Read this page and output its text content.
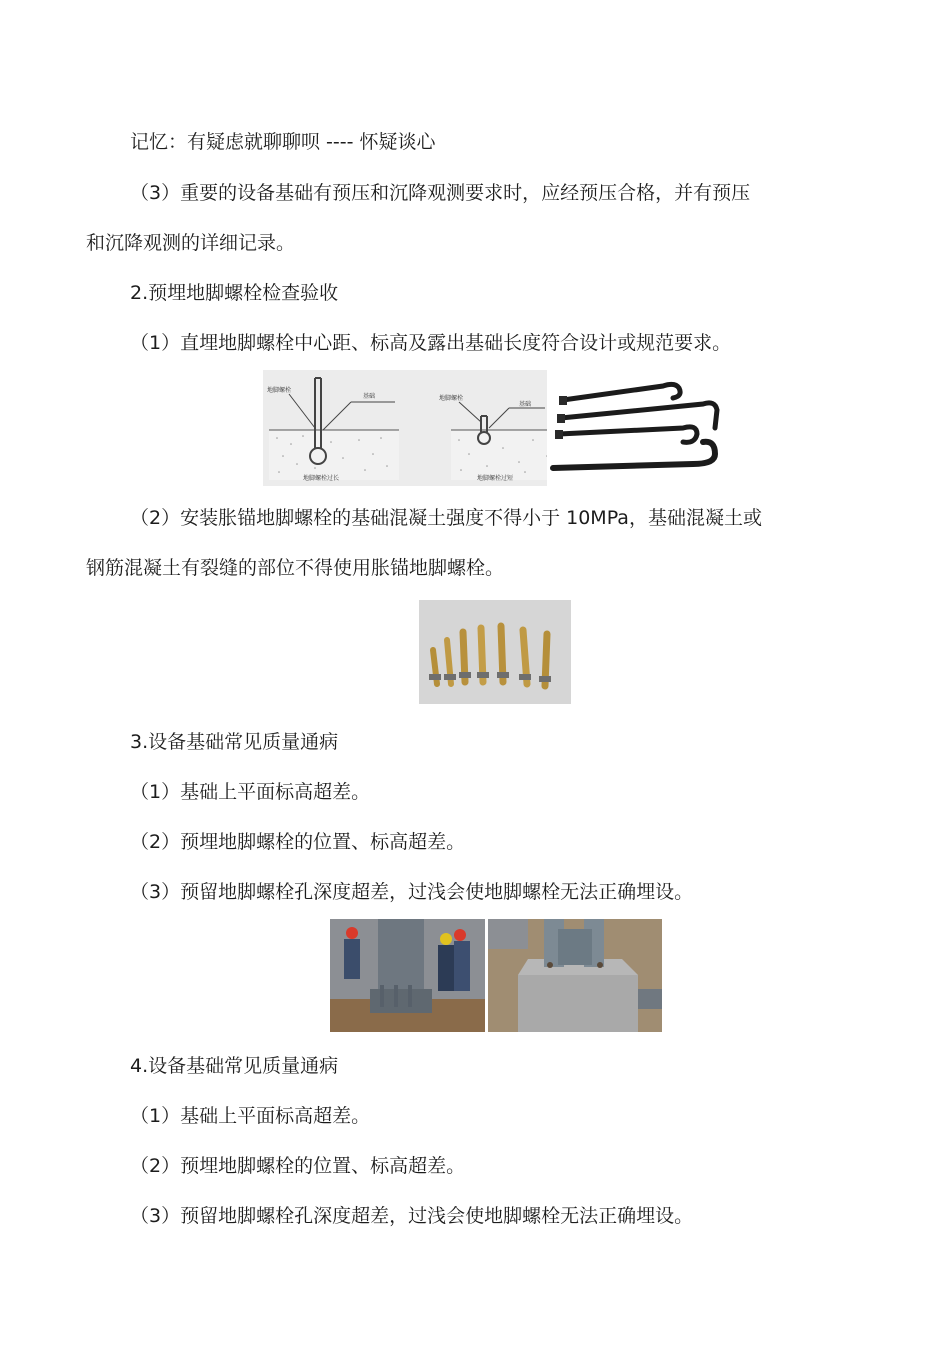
记忆：有疑虑就聊聊呗 ---- 怀疑谈心
（3）重要的设备基础有预压和沉降观测要求时，应经预压合格，并有预压
和沉降观测的详细记录。
2.预埋地脚螺栓检查验收
（1）直埋地脚螺栓中心距、标高及露出基础长度符合设计或规范要求。
地脚螺栓
基础
地脚螺栓过长
地脚螺栓
基础
地脚螺栓过短
（2）安装胀锚地脚螺栓的基础混凝土强度不得小于 10MPa，基础混凝土或
钢筋混凝土有裂缝的部位不得使用胀锚地脚螺栓。
3.设备基础常见质量通病
（1）基础上平面标高超差。
（2）预埋地脚螺栓的位置、标高超差。
（3）预留地脚螺栓孔深度超差，过浅会使地脚螺栓无法正确埋设。
4.设备基础常见质量通病
（1）基础上平面标高超差。
（2）预埋地脚螺栓的位置、标高超差。
（3）预留地脚螺栓孔深度超差，过浅会使地脚螺栓无法正确埋设。
